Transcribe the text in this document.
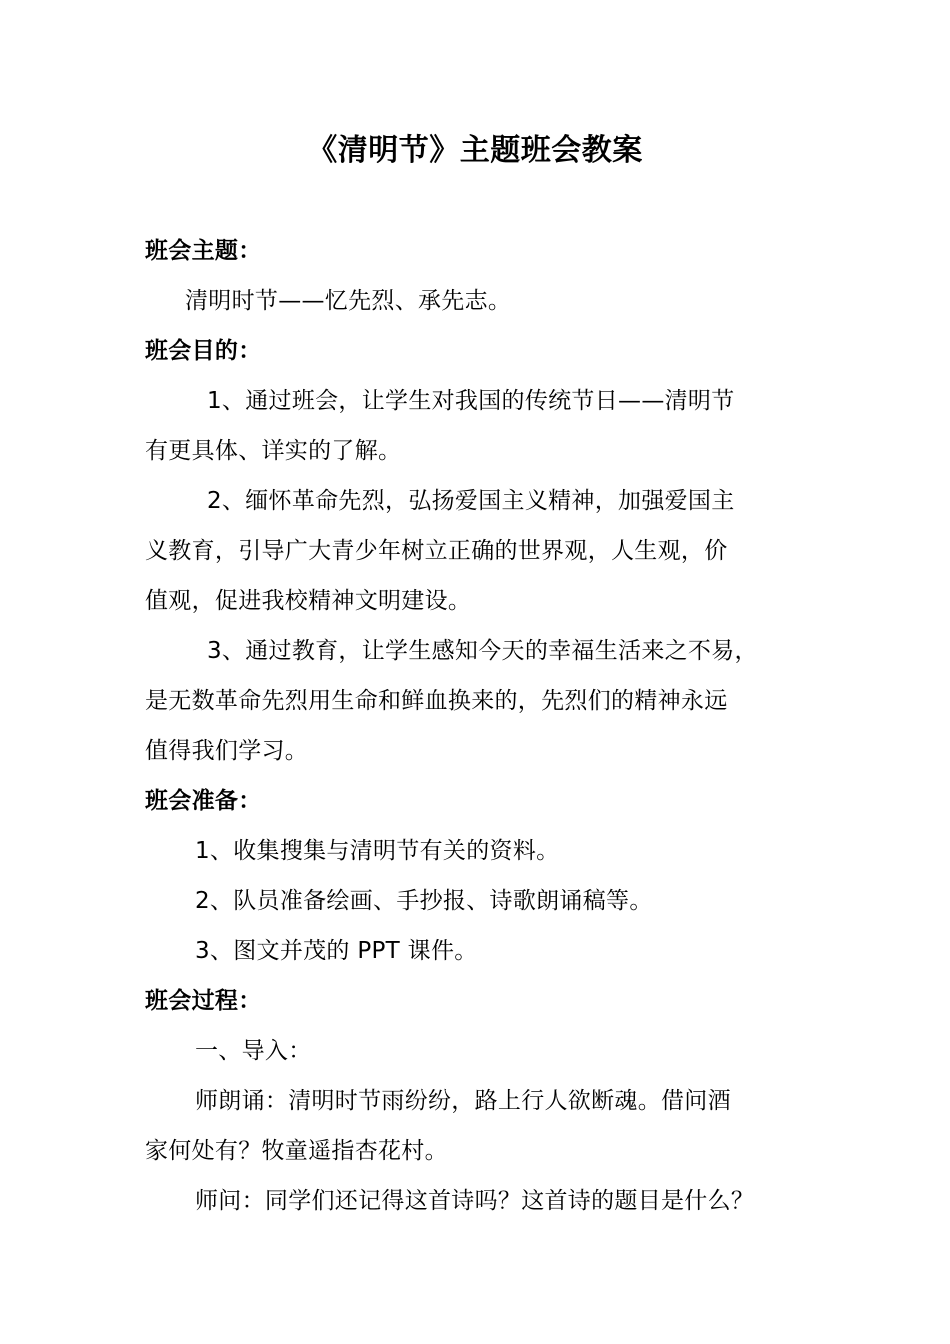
《清明节》主题班会教案
班会主题：
清明时节——忆先烈、承先志。
班会目的：
1、通过班会，让学生对我国的传统节日——清明节
有更具体、详实的了解。
2、缅怀革命先烈，弘扬爱国主义精神，加强爱国主
义教育，引导广大青少年树立正确的世界观，人生观，价
值观，促进我校精神文明建设。
3、通过教育，让学生感知今天的幸福生活来之不易，
是无数革命先烈用生命和鲜血换来的，先烈们的精神永远
值得我们学习。
班会准备：
1、收集搜集与清明节有关的资料。
2、队员准备绘画、手抄报、诗歌朗诵稿等。
3、图文并茂的 PPT 课件。
班会过程：
一、导入：
师朗诵：清明时节雨纷纷，路上行人欲断魂。借问酒
家何处有？牧童遥指杏花村。
师问：同学们还记得这首诗吗？这首诗的题目是什么？
